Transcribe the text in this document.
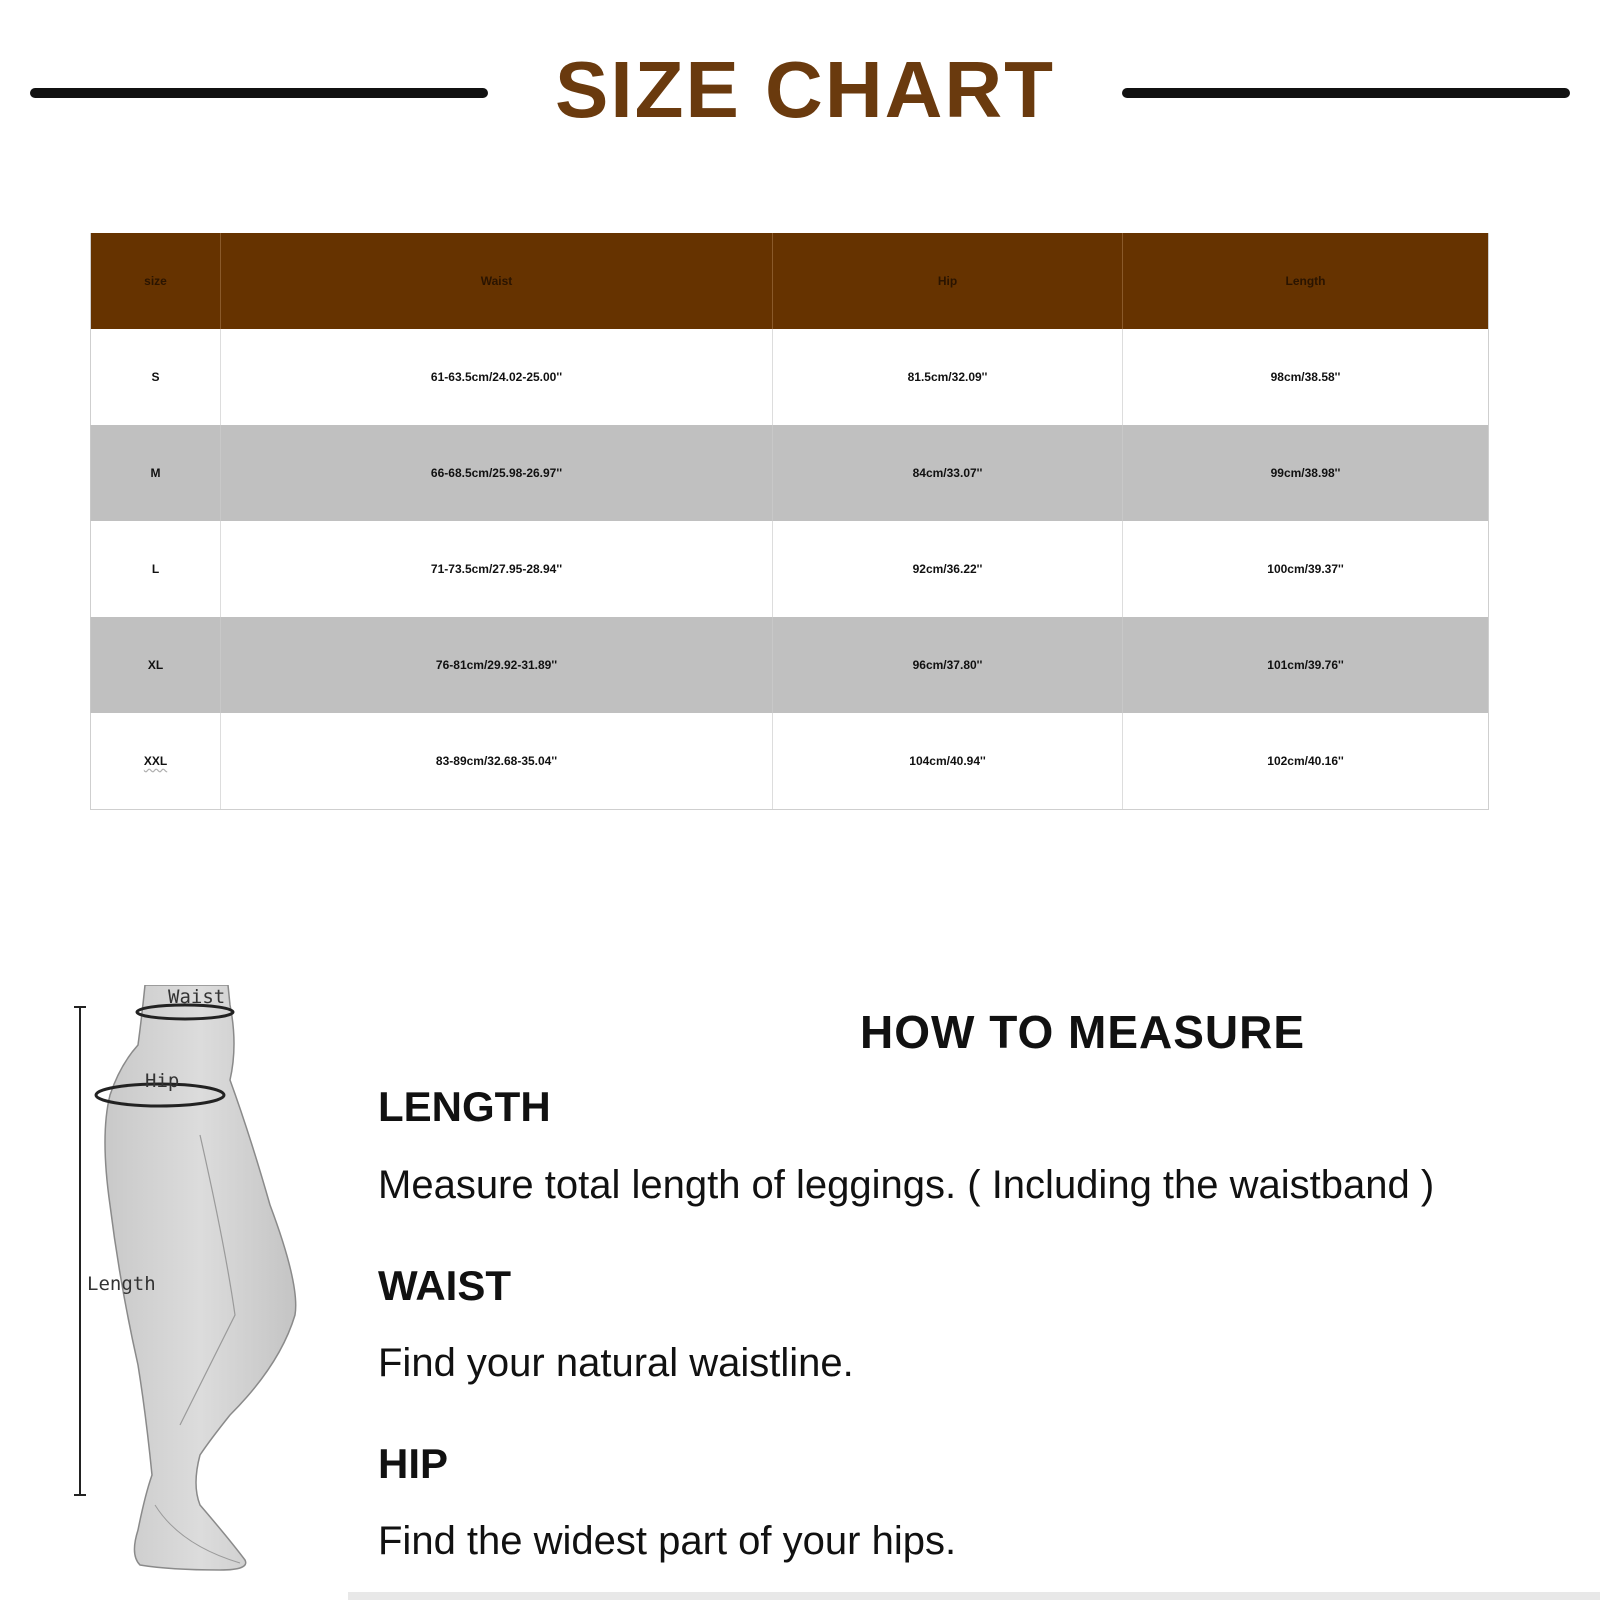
SIZE CHART
size	Waist	Hip	Length
S	61-63.5cm/24.02-25.00''	81.5cm/32.09''	98cm/38.58''
M	66-68.5cm/25.98-26.97''	84cm/33.07''	99cm/38.98''
L	71-73.5cm/27.95-28.94''	92cm/36.22''	100cm/39.37''
XL	76-81cm/29.92-31.89''	96cm/37.80''	101cm/39.76''
XXL	83-89cm/32.68-35.04''	104cm/40.94''	102cm/40.16''
Waist
Hip
Length
HOW TO MEASURE
LENGTH
Measure total length of leggings. ( Including the waistband )
WAIST
Find your natural waistline.
HIP
Find the widest part of your hips.
